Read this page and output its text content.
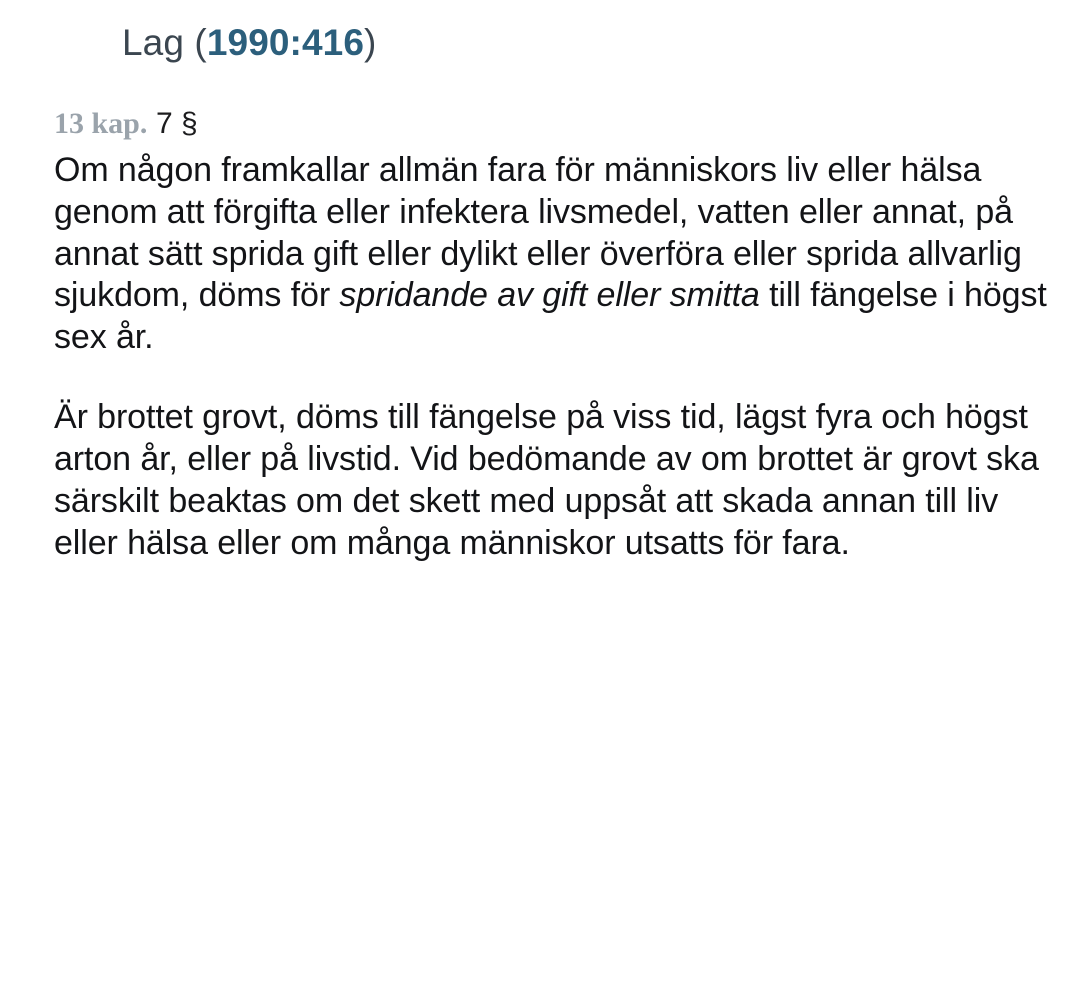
Lag (1990:416)
13 kap. 7 §

Om någon framkallar allmän fara för människors liv eller hälsa genom att förgifta eller infektera livsmedel, vatten eller annat, på annat sätt sprida gift eller dylikt eller överföra eller sprida allvarlig sjukdom, döms för spridande av gift eller smitta till fängelse i högst sex år.

Är brottet grovt, döms till fängelse på viss tid, lägst fyra och högst arton år, eller på livstid. Vid bedömande av om brottet är grovt ska särskilt beaktas om det skett med uppsåt att skada annan till liv eller hälsa eller om många människor utsatts för fara.
